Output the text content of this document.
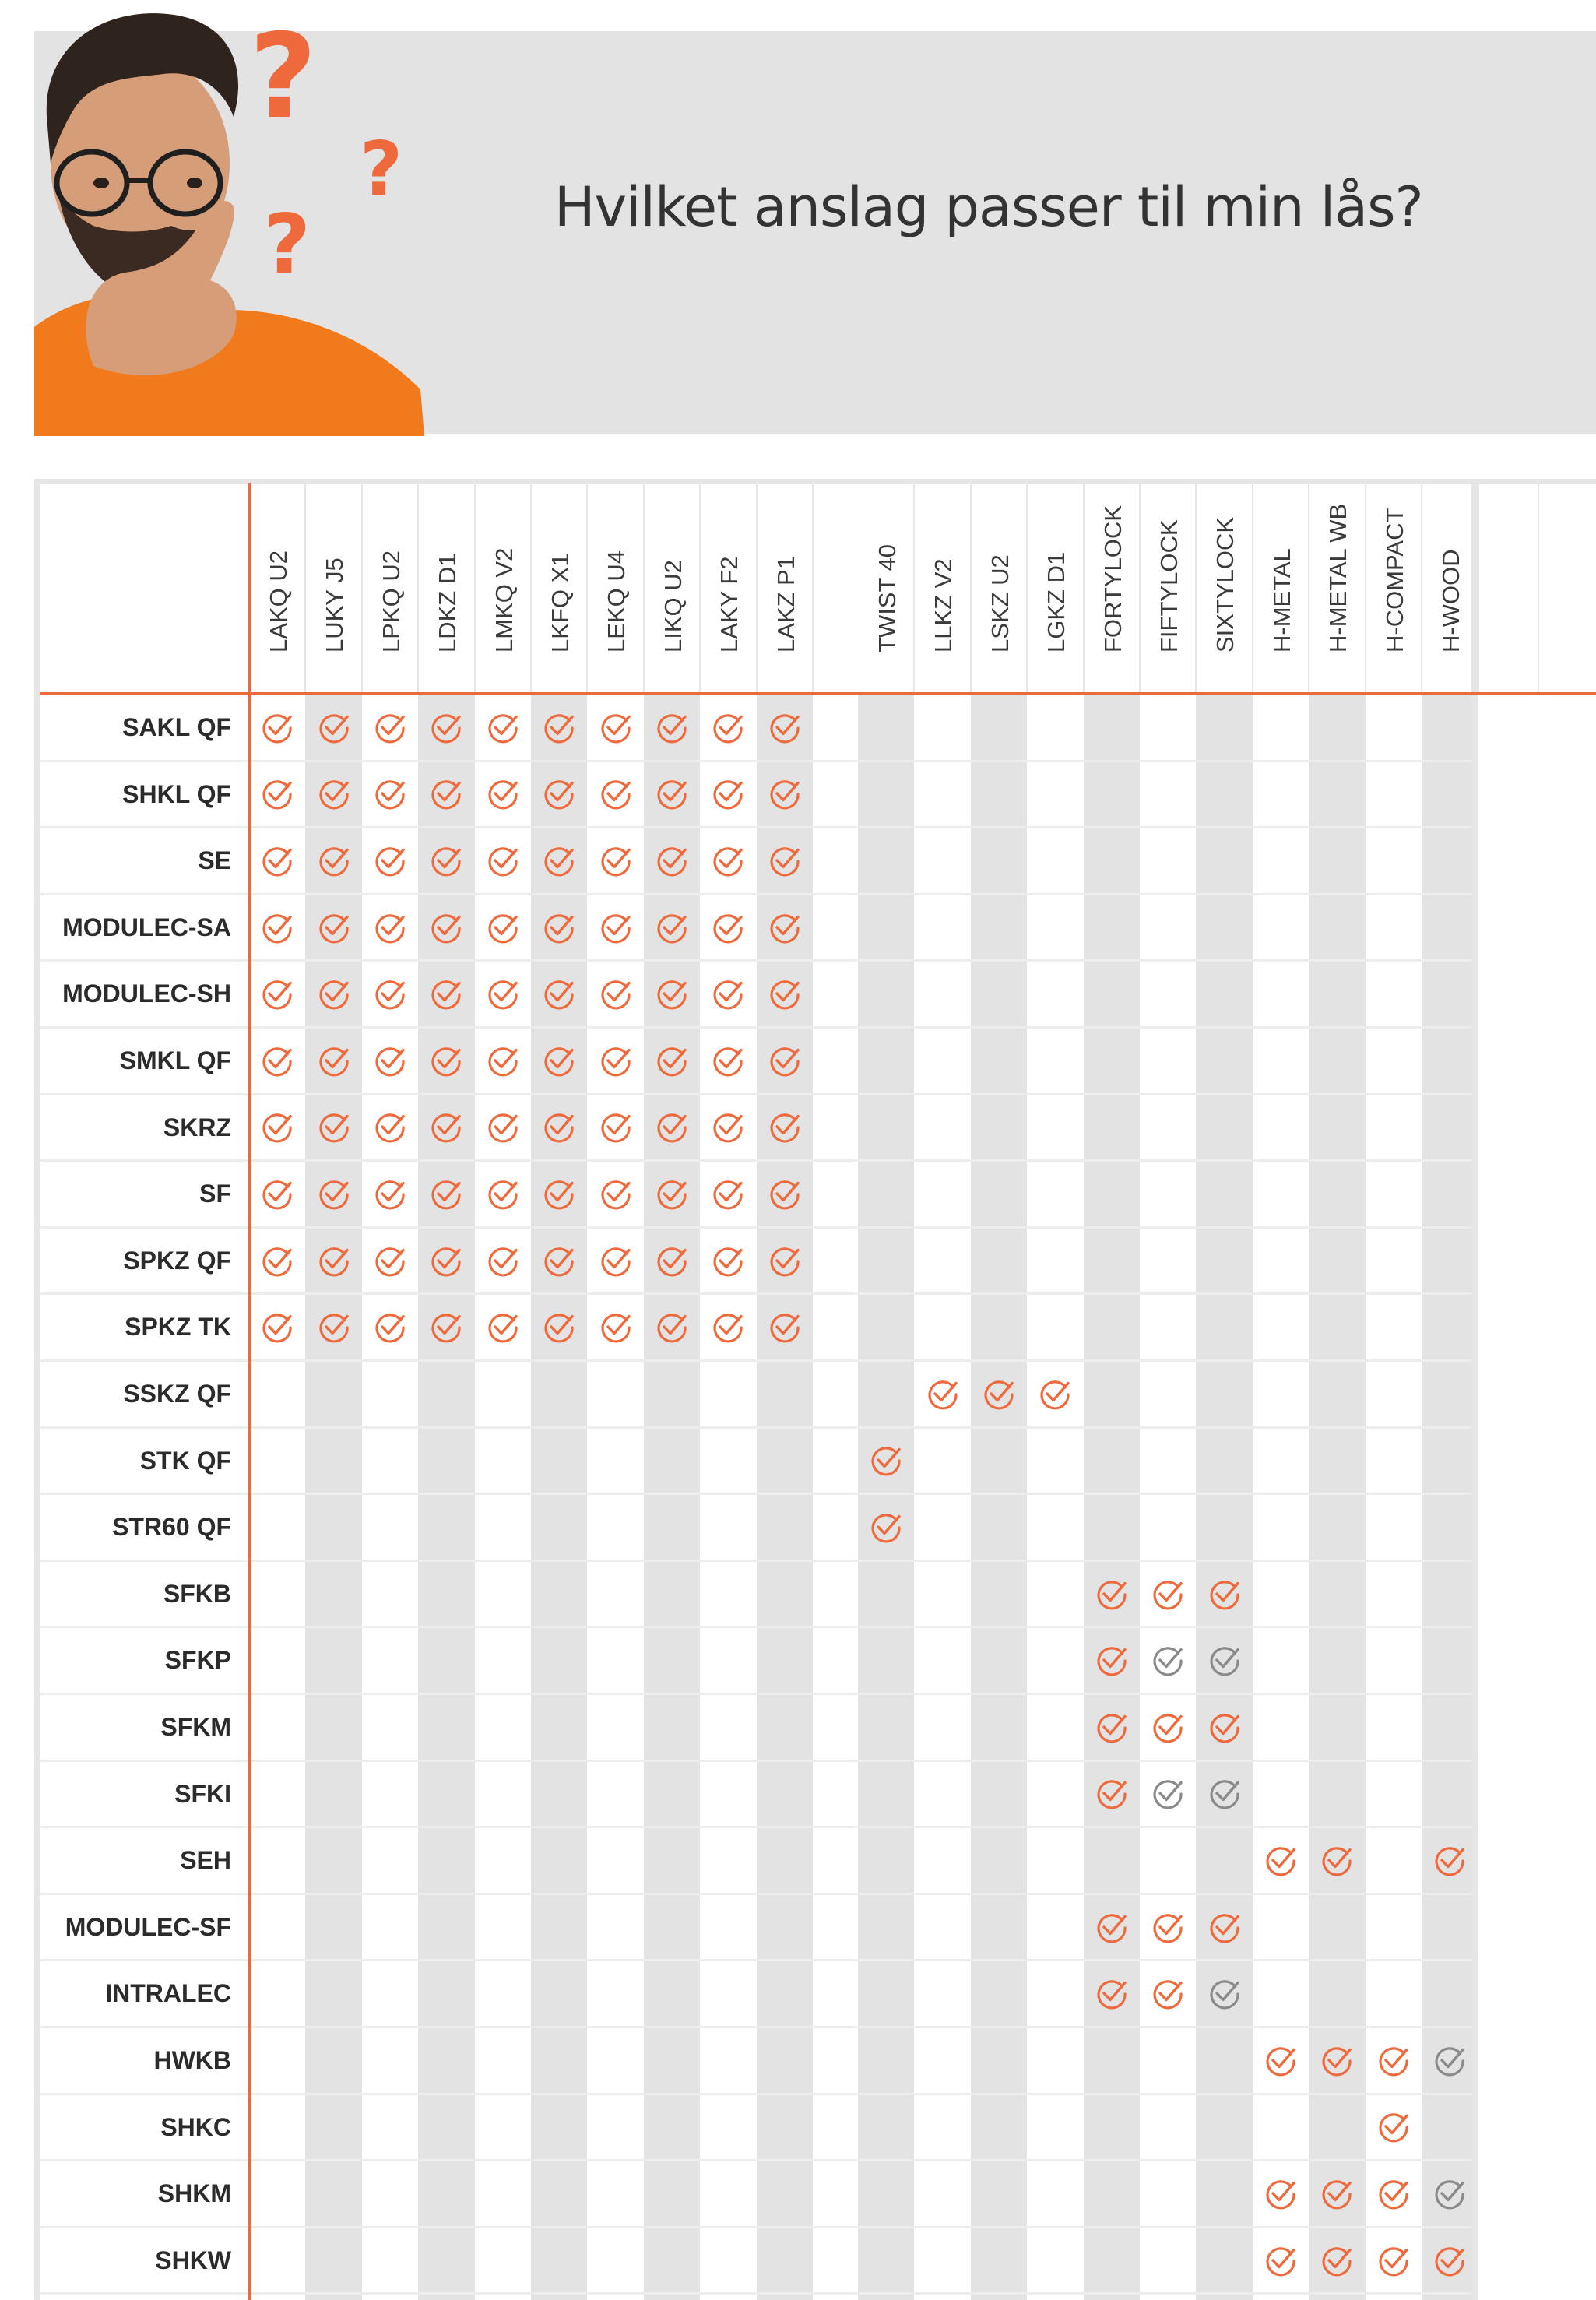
?
?
?	Hvilket anslag passer til min lås?
LAKQ U2 LUKY J5 LPKQ U2 LDKZ D1 LMKQ V2 LKFQ X1 LEKQ U4 LIKQ U2 LAKY F2 LAKZ P1	TWIST 40 LLKZ V2 LSKZ U2 LGKZ D1 FORTYLOCK FIFTYLOCK SIXTYLOCK H-METAL H-METAL WB H-COMPACT H-WOOD
SAKL QF
SHKL QF
SE
MODULEC-SA
MODULEC-SH
SMKL QF
SKRZ
SF
SPKZ QF
SPKZ TK
SSKZ QF
STK QF
STR60 QF
SFKB
SFKP
SFKM
SFKI
SEH
MODULEC-SF
INTRALEC
HWKB
SHKC
SHKM
SHKW
